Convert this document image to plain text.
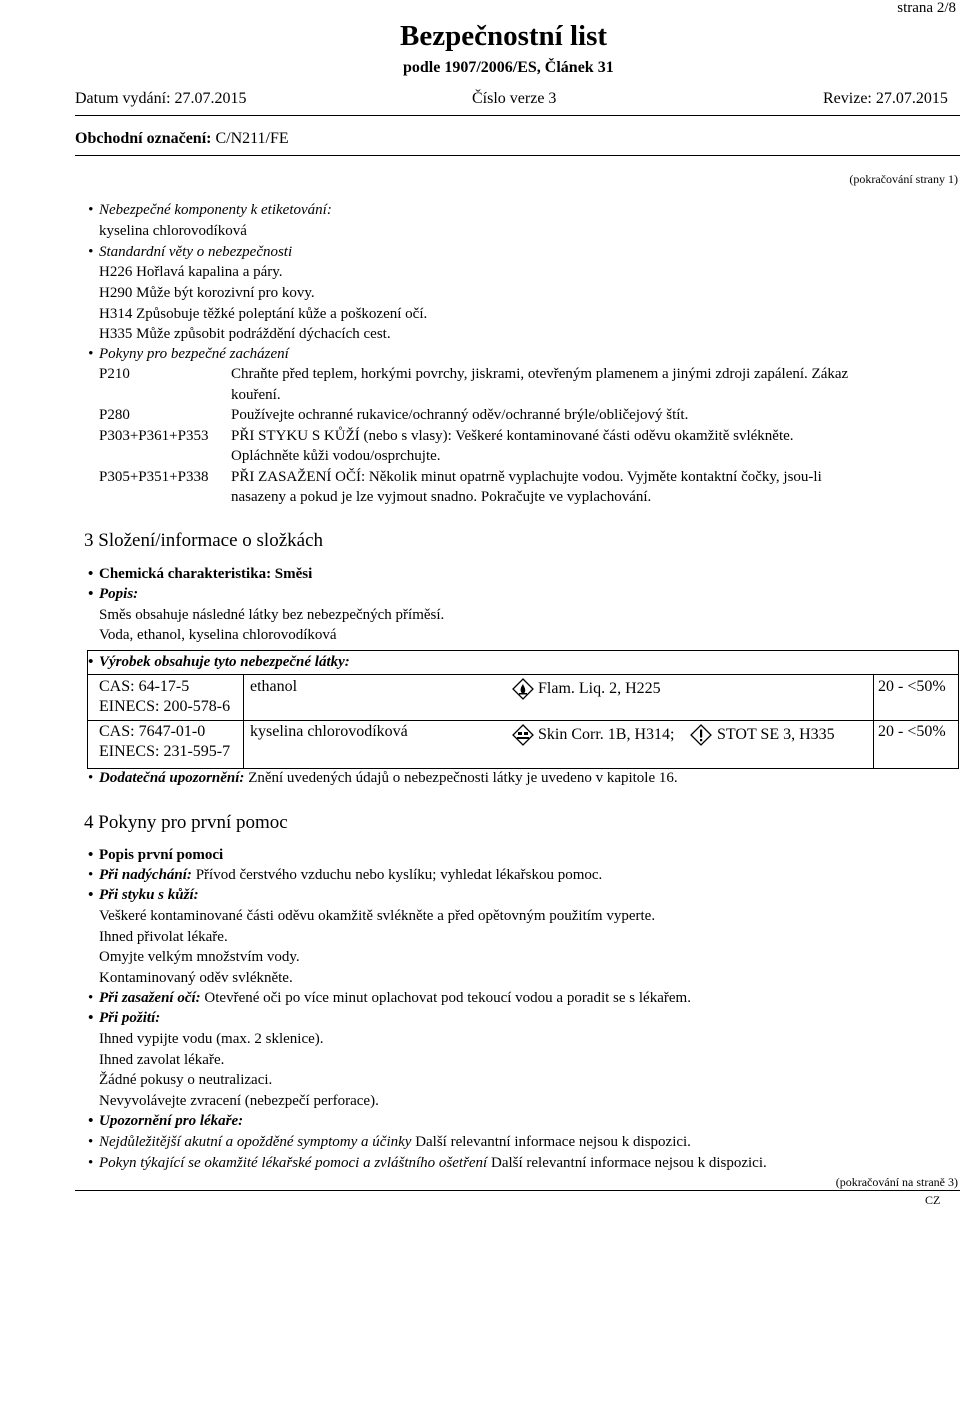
strana 2/8
Bezpečnostní list
podle 1907/2006/ES, Článek 31
Datum vydání: 27.07.2015	Číslo verze 3	Revize: 27.07.2015
Obchodní označení: C/N211/FE
(pokračování strany 1)
• Nebezpečné komponenty k etiketování:
kyselina chlorovodíková
• Standardní věty o nebezpečnosti
H226 Hořlavá kapalina a páry.
H290 Může být korozivní pro kovy.
H314 Způsobuje těžké poleptání kůže a poškození očí.
H335 Může způsobit podráždění dýchacích cest.
• Pokyny pro bezpečné zacházení
P210	Chraňte před teplem, horkými povrchy, jiskrami, otevřeným plamenem a jinými zdroji zapálení. Zákaz
kouření.
P280	Používejte ochranné rukavice/ochranný oděv/ochranné brýle/obličejový štít.
P303+P361+P353 PŘI STYKU S KŮŽÍ (nebo s vlasy): Veškeré kontaminované části oděvu okamžitě svlékněte.
Opláchněte kůži vodou/osprchujte.
P305+P351+P338 PŘI ZASAŽENÍ OČÍ: Několik minut opatrně vyplachujte vodou. Vyjměte kontaktní čočky, jsou-li
nasazeny a pokud je lze vyjmout snadno. Pokračujte ve vyplachování.
3 Složení/informace o složkách
• Chemická charakteristika: Směsi
• Popis:
Směs obsahuje následné látky bez nebezpečných příměsí.
Voda, ethanol, kyselina chlorovodíková
• Výrobek obsahuje tyto nebezpečné látky:
CAS: 64-17-5
EINECS: 200-578-6
ethanol	Flam. Liq. 2, H225	20 - <50%
CAS: 7647-01-0
EINECS: 231-595-7
kyselina chlorovodíková	Skin Corr. 1B, H314;	STOT SE 3, H335	20 - <50%
• Dodatečná upozornění: Znění uvedených údajů o nebezpečnosti látky je uvedeno v kapitole 16.
4 Pokyny pro první pomoc
• Popis první pomoci
• Při nadýchání: Přívod čerstvého vzduchu nebo kyslíku; vyhledat lékařskou pomoc.
• Při styku s kůží:
Veškeré kontaminované části oděvu okamžitě svlékněte a před opětovným použitím vyperte.
Ihned přivolat lékaře.
Omyjte velkým množstvím vody.
Kontaminovaný oděv svlékněte.
• Při zasažení očí: Otevřené oči po více minut oplachovat pod tekoucí vodou a poradit se s lékařem.
• Při požití:
Ihned vypijte vodu (max. 2 sklenice).
Ihned zavolat lékaře.
Žádné pokusy o neutralizaci.
Nevyvolávejte zvracení (nebezpečí perforace).
• Upozornění pro lékaře:
• Nejdůležitější akutní a opožděné symptomy a účinky Další relevantní informace nejsou k dispozici.
• Pokyn týkající se okamžité lékařské pomoci a zvláštního ošetření Další relevantní informace nejsou k dispozici.
(pokračování na straně 3)
CZ
